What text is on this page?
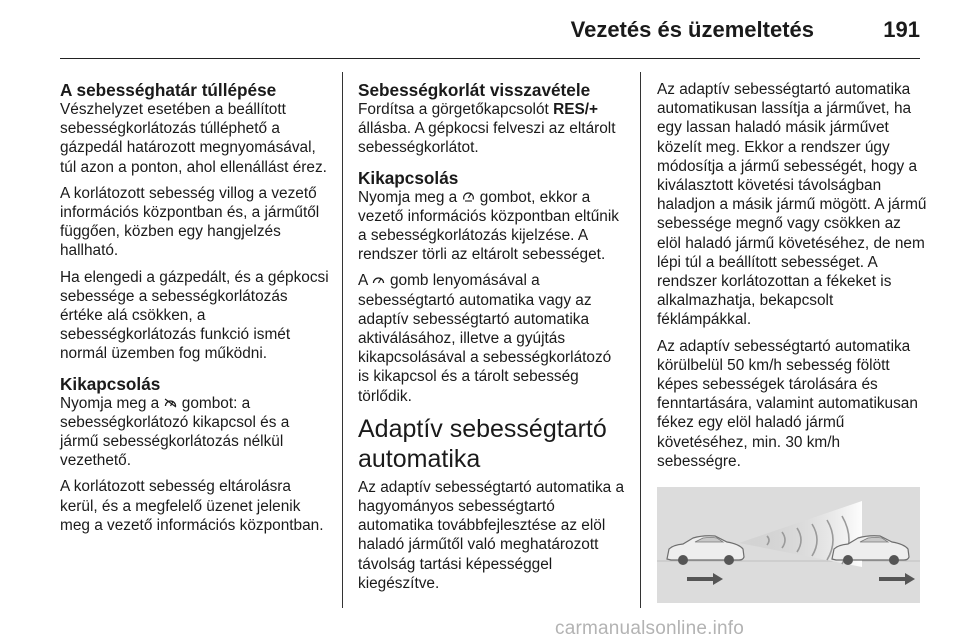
Vezetés és üzemeltetés	191
A sebességhatár túllépése

Vészhelyzet esetében a beállított sebességkorlátozás túlléphető a gázpedál határozott megnyomásával, túl azon a ponton, ahol ellenállást érez.

A korlátozott sebesség villog a vezető információs központban és, a járműtől függően, közben egy hangjelzés hallható.

Ha elengedi a gázpedált, és a gépkocsi sebessége a sebességkorlátozás értéke alá csökken, a sebességkorlátozás funkció ismét normál üzemben fog működni.

Kikapcsolás

Nyomja meg a gombot: a sebességkorlátozó kikapcsol és a jármű sebességkorlátozás nélkül vezethető.

A korlátozott sebesség eltárolásra kerül, és a megfelelő üzenet jelenik meg a vezető információs központban.

Sebességkorlát visszavétele

Fordítsa a görgetőkapcsolót RES/+ állásba. A gépkocsi felveszi az eltárolt sebességkorlátot.

Kikapcsolás

Nyomja meg a gombot, ekkor a vezető információs központban eltűnik a sebességkorlátozás kijelzése. A rendszer törli az eltárolt sebességet.

A gomb lenyomásával a sebességtartó automatika vagy az adaptív sebességtartó automatika aktiválásához, illetve a gyújtás kikapcsolásával a sebességkorlátozó is kikapcsol és a tárolt sebesség törlődik.

Adaptív sebességtartó automatika

Az adaptív sebességtartó automatika a hagyományos sebességtartó automatika továbbfejlesztése az elöl haladó járműtől való meghatározott távolság tartási képességgel kiegészítve.

Az adaptív sebességtartó automatika automatikusan lassítja a járművet, ha egy lassan haladó másik járművet közelít meg. Ekkor a rendszer úgy módosítja a jármű sebességét, hogy a kiválasztott követési távolságban haladjon a másik jármű mögött. A jármű sebessége megnő vagy csökken az elöl haladó jármű követéséhez, de nem lépi túl a beállított sebességet. A rendszer korlátozottan a fékeket is alkalmazhatja, bekapcsolt féklámpákkal.

Az adaptív sebességtartó automatika körülbelül 50 km/h sebesség fölött képes sebességek tárolására és fenntartására, valamint automatikusan fékez egy elöl haladó jármű követéséhez, min. 30 km/h sebességre.

carmanualsonline.info
